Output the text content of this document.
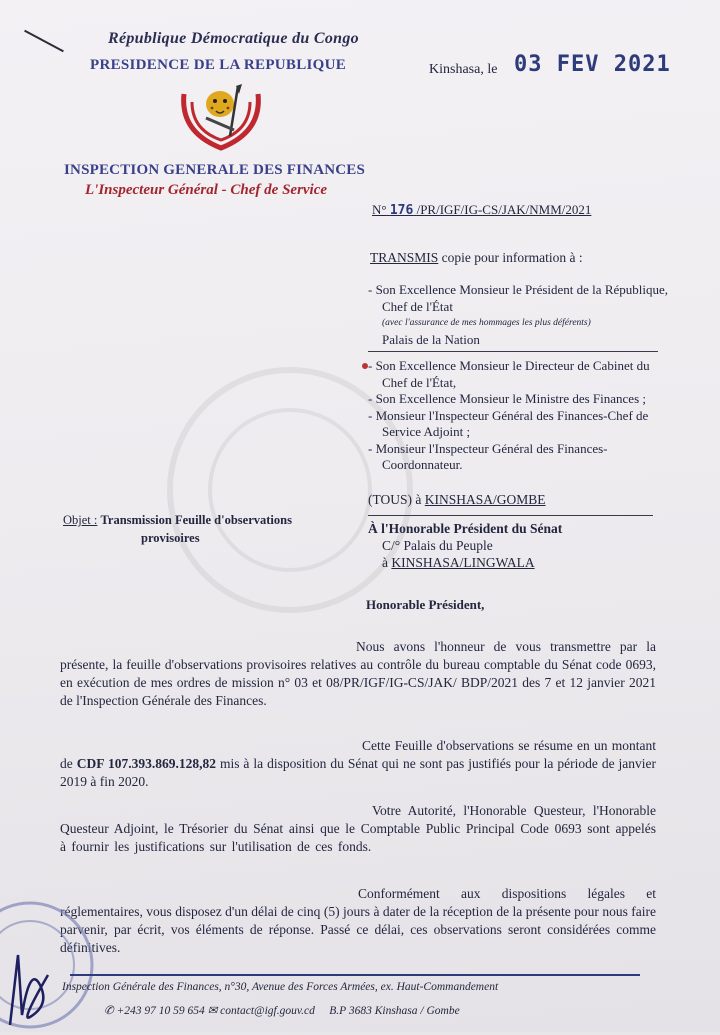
République Démocratique du Congo
PRESIDENCE DE LA REPUBLIQUE	Kinshasa, le 03 FEV 2021
INSPECTION GENERALE DES FINANCES
L'Inspecteur Général - Chef de Service
N° 176 /PR/IGF/IG-CS/JAK/NMM/2021
TRANSMIS copie pour information à :
- Son Excellence Monsieur le Président de la République, Chef de l'État
(avec l'assurance de mes hommages les plus déférents)
Palais de la Nation
- Son Excellence Monsieur le Directeur de Cabinet du Chef de l'État,
- Son Excellence Monsieur le Ministre des Finances ;
- Monsieur l'Inspecteur Général des Finances-Chef de Service Adjoint ;
- Monsieur l'Inspecteur Général des Finances-Coordonnateur.
(TOUS) à KINSHASA/GOMBE
Objet : Transmission Feuille d'observations
provisoires
À l'Honorable Président du Sénat
C/° Palais du Peuple
à KINSHASA/LINGWALA
Honorable Président,
Nous avons l'honneur de vous transmettre par la présente, la feuille d'observations provisoires relatives au contrôle du bureau comptable du Sénat code 0693, en exécution de mes ordres de mission n° 03 et 08/PR/IGF/IG-CS/JAK/ BDP/2021 des 7 et 12 janvier 2021 de l'Inspection Générale des Finances.
Cette Feuille d'observations se résume en un montant de CDF 107.393.869.128,82 mis à la disposition du Sénat qui ne sont pas justifiés pour la période de janvier 2019 à fin 2020.
Votre Autorité, l'Honorable Questeur, l'Honorable Questeur Adjoint, le Trésorier du Sénat ainsi que le Comptable Public Principal Code 0693 sont appelés à fournir les justifications sur l'utilisation de ces fonds.
Conformément aux dispositions légales et réglementaires, vous disposez d'un délai de cinq (5) jours à dater de la réception de la présente pour nous faire parvenir, par écrit, vos éléments de réponse. Passé ce délai, ces observations seront considérées comme définitives.
Inspection Générale des Finances, n°30, Avenue des Forces Armées, ex. Haut-Commandement
✆ +243 97 10 59 654 ✉ contact@igf.gouv.cd B.P 3683 Kinshasa / Gombe
